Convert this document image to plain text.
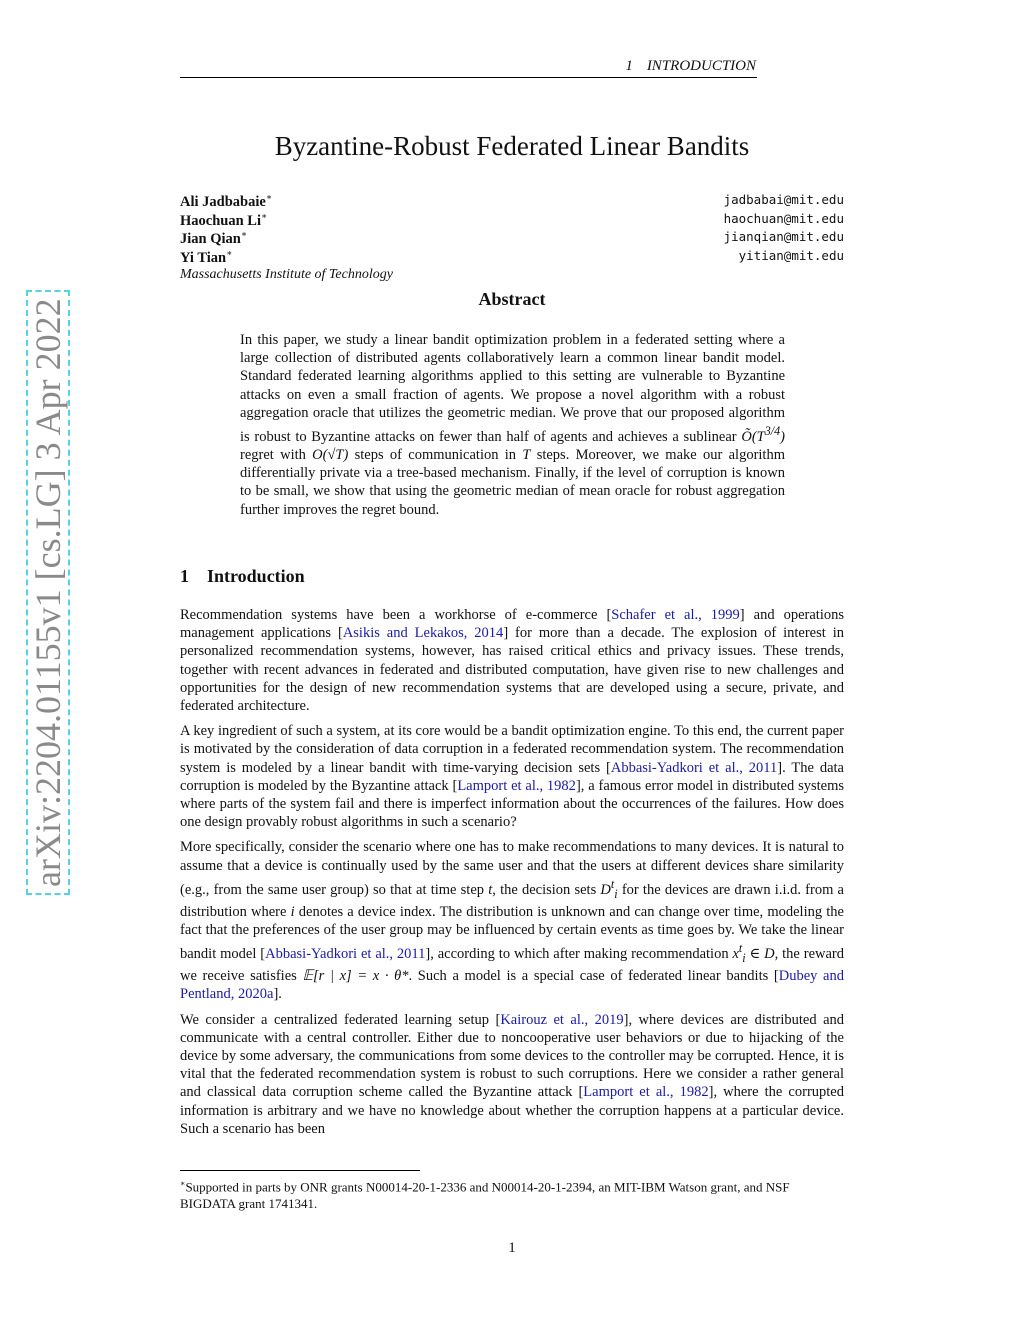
arXiv:2204.01155v1 [cs.LG] 3 Apr 2022
1 INTRODUCTION
Byzantine-Robust Federated Linear Bandits
Ali Jadbabaie∗	jadbabai@mit.edu
Haochuan Li∗	haochuan@mit.edu
Jian Qian∗	jianqian@mit.edu
Yi Tian∗	yitian@mit.edu
Massachusetts Institute of Technology
Abstract
In this paper, we study a linear bandit optimization problem in a federated setting where a large collection of distributed agents collaboratively learn a common linear bandit model. Standard federated learning algorithms applied to this setting are vulnerable to Byzantine attacks on even a small fraction of agents. We propose a novel algorithm with a robust aggregation oracle that utilizes the geometric median. We prove that our proposed algorithm is robust to Byzantine attacks on fewer than half of agents and achieves a sublinear $Õ(T^{3/4})$ regret with O(√T) steps of communication in T steps. Moreover, we make our algorithm differentially private via a tree-based mechanism. Finally, if the level of corruption is known to be small, we show that using the geometric median of mean oracle for robust aggregation further improves the regret bound.
1 Introduction

Recommendation systems have been a workhorse of e-commerce [Schafer et al., 1999] and operations management applications [Asikis and Lekakos, 2014] for more than a decade. The explosion of interest in personalized recommendation systems, however, has raised critical ethics and privacy issues. These trends, together with recent advances in federated and distributed computation, have given rise to new challenges and opportunities for the design of new recommendation systems that are developed using a secure, private, and federated architecture.

A key ingredient of such a system, at its core would be a bandit optimization engine. To this end, the current paper is motivated by the consideration of data corruption in a federated recommendation system. The recommendation system is modeled by a linear bandit with time-varying decision sets [Abbasi-Yadkori et al., 2011]. The data corruption is modeled by the Byzantine attack [Lamport et al., 1982], a famous error model in distributed systems where parts of the system fail and there is imperfect information about the occurrences of the failures. How does one design provably robust algorithms in such a scenario?

More specifically, consider the scenario where one has to make recommendations to many devices. It is natural to assume that a device is continually used by the same user and that the users at different devices share similarity (e.g., from the same user group) so that at time step t, the decision sets $D^t_i$ for the devices are drawn i.i.d. from a distribution where i denotes a device index. The distribution is unknown and can change over time, modeling the fact that the preferences of the user group may be influenced by certain events as time goes by. We take the linear bandit model [Abbasi-Yadkori et al., 2011], according to which after making recommendation $x^t_i$ ∈ D, the reward we receive satisfies 𝔼[r | x] = x · θ*. Such a model is a special case of federated linear bandits [Dubey and Pentland, 2020a].

We consider a centralized federated learning setup [Kairouz et al., 2019], where devices are distributed and communicate with a central controller. Either due to noncooperative user behaviors or due to hijacking of the device by some adversary, the communications from some devices to the controller may be corrupted. Hence, it is vital that the federated recommendation system is robust to such corruptions. Here we consider a rather general and classical data corruption scheme called the Byzantine attack [Lamport et al., 1982], where the corrupted information is arbitrary and we have no knowledge about whether the corruption happens at a particular device. Such a scenario has been

∗Supported in parts by ONR grants N00014-20-1-2336 and N00014-20-1-2394, an MIT-IBM Watson grant, and NSF BIGDATA grant 1741341.
1
